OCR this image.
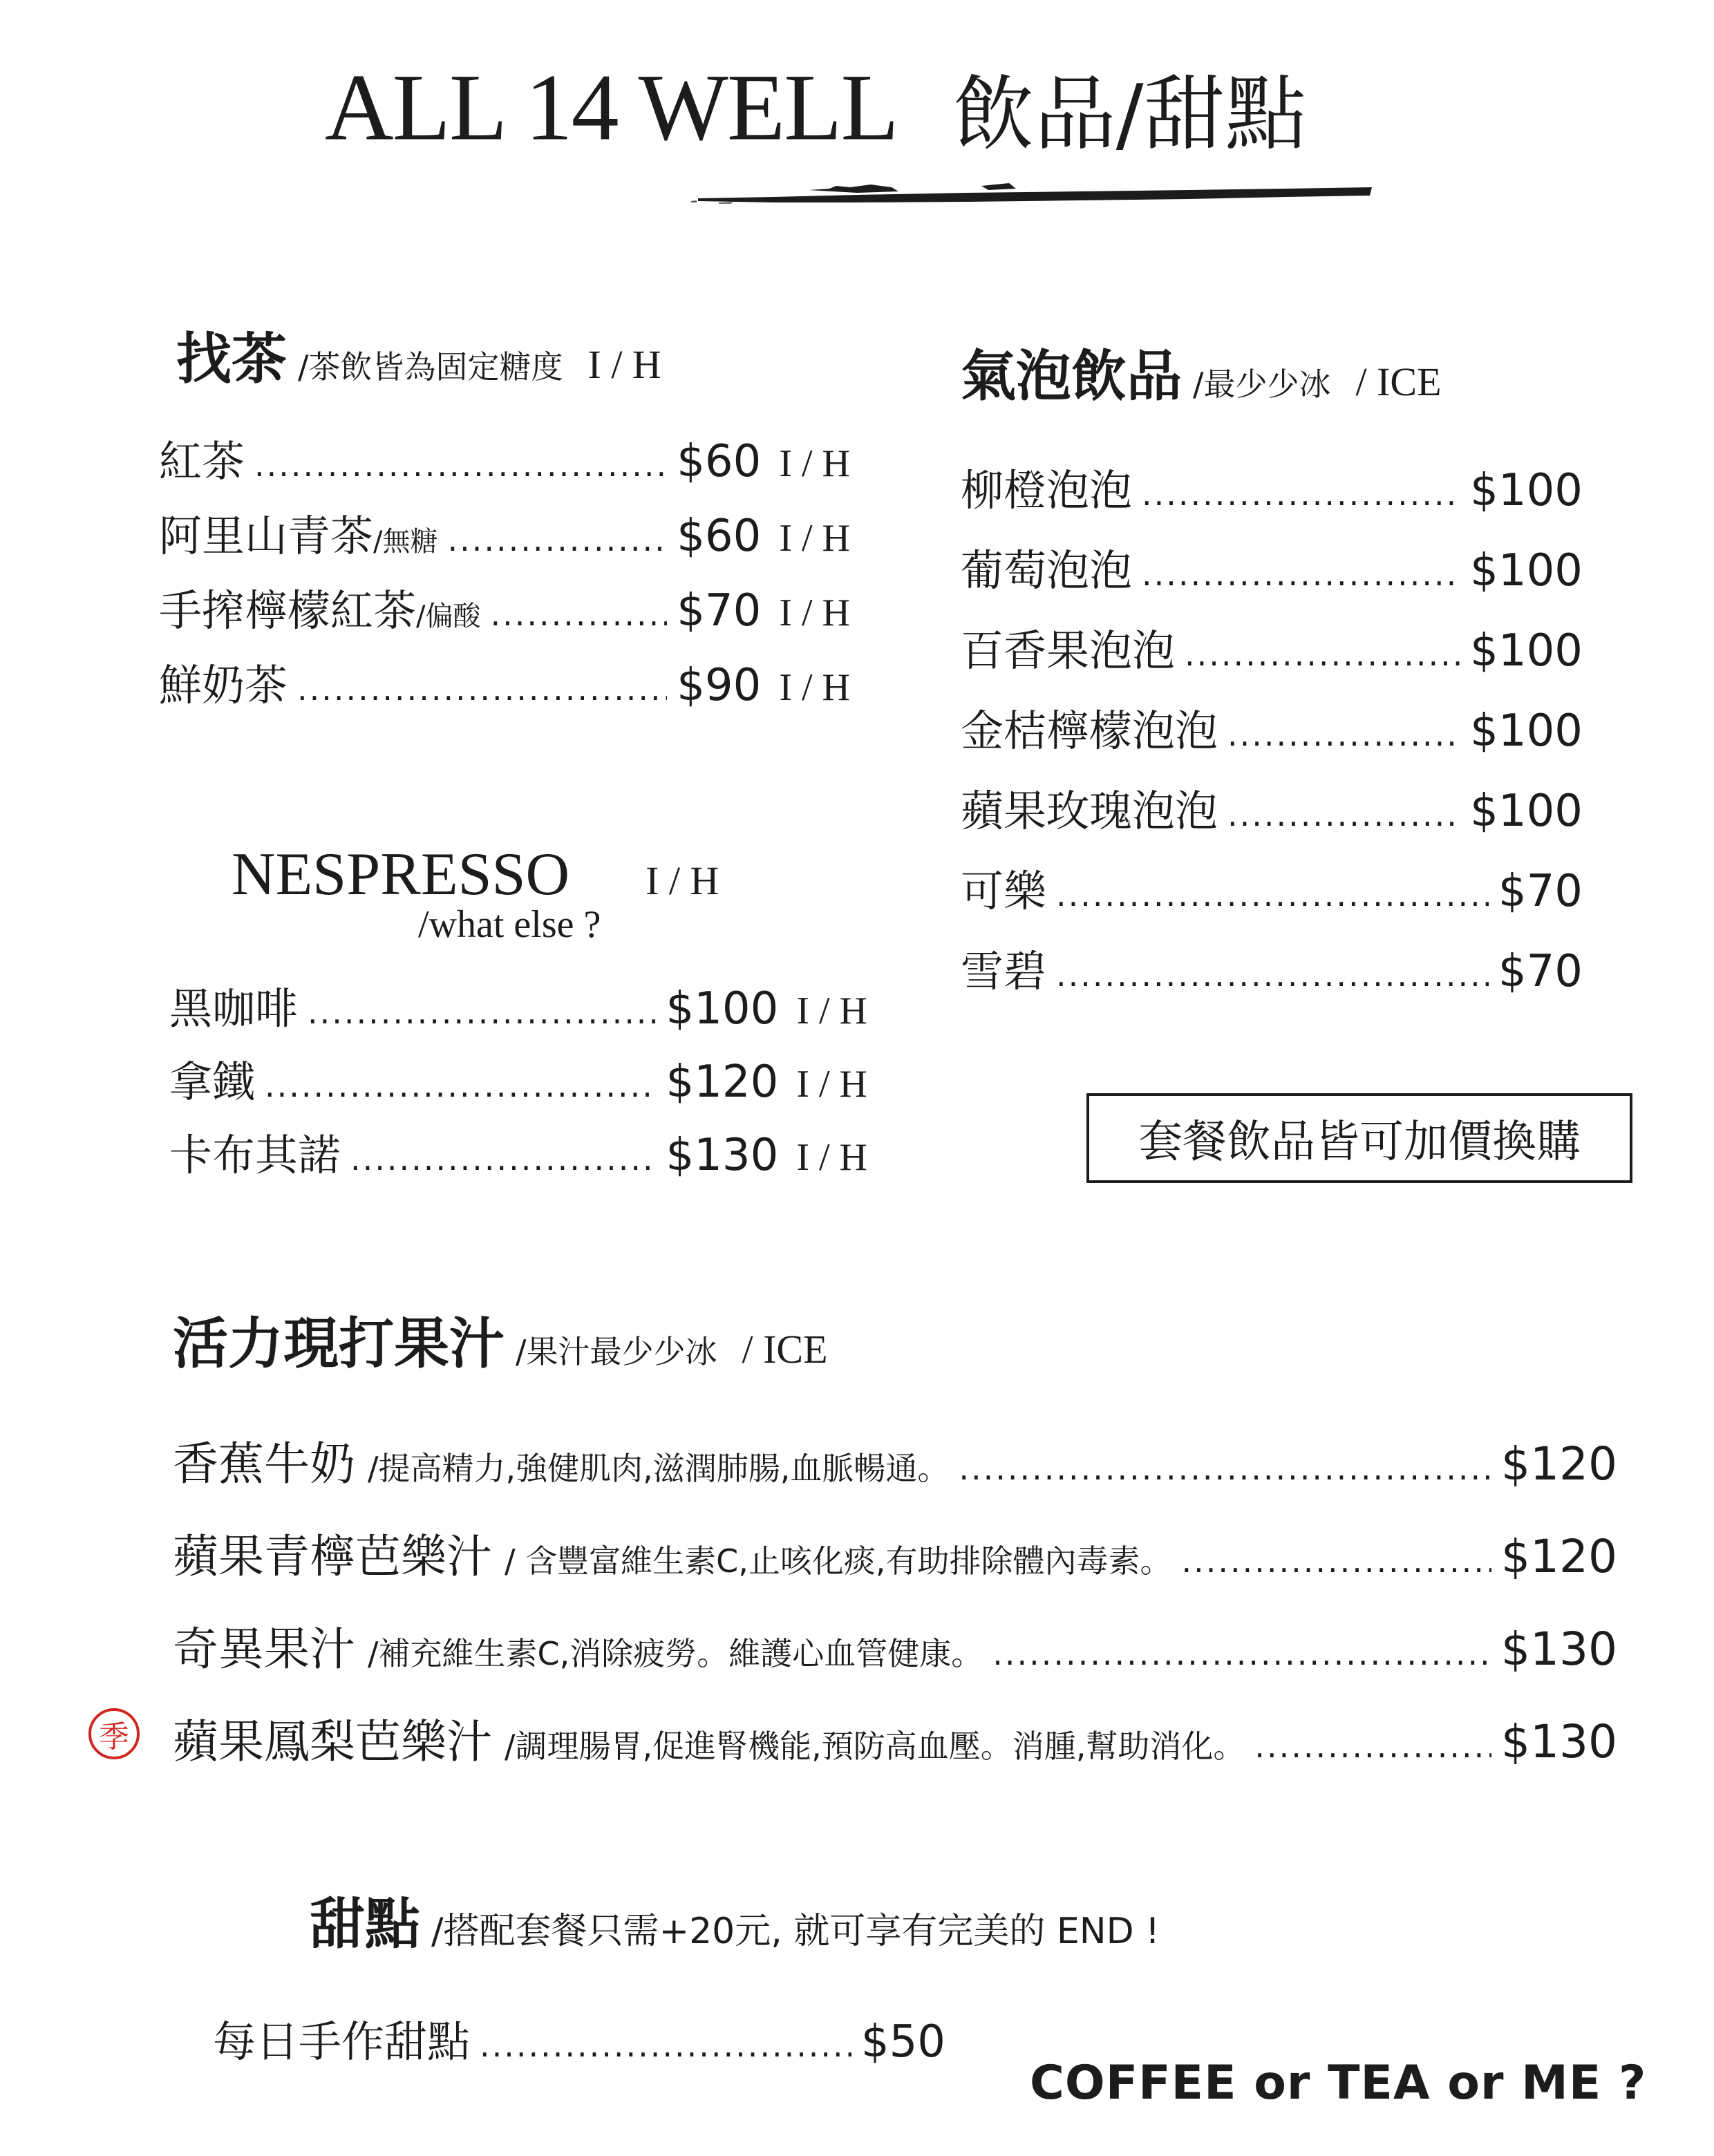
ALL 14 WELL 飲品/甜點
找茶 /茶飲皆為固定糖度 I / H
紅茶 .....	$60 I / H
阿里山青茶 /無糖 .....	$60 I / H
手搾檸檬紅茶 /偏酸 .....	$70 I / H
鮮奶茶 .....	$90 I / H
NESPRESSO I / H
/what else ?
黑咖啡 .....	$100 I / H
拿鐵 .....	$120 I / H
卡布其諾 .....	$130 I / H
氣泡飲品 /最少少冰 / ICE
柳橙泡泡 .....	$100
葡萄泡泡 .....	$100
百香果泡泡 .....	$100
金桔檸檬泡泡 .....	$100
蘋果玫瑰泡泡 .....	$100
可樂 .....	$70
雪碧 .....	$70
套餐飲品皆可加價換購
活力現打果汁 /果汁最少少冰 / ICE
香蕉牛奶 /提高精力,強健肌肉,滋潤肺腸,血脈暢通。 .....	$120
蘋果青檸芭樂汁 / 含豐富維生素C,止咳化痰,有助排除體內毒素。 .....	$120
奇異果汁 /補充維生素C,消除疲勞。維護心血管健康。 .....	$130
蘋果鳳梨芭樂汁 /調理腸胃,促進腎機能,預防高血壓。消腫,幫助消化。 .....	$130
季
甜點 /搭配套餐只需+20元, 就可享有完美的 END !
每日手作甜點 .....	$50
COFFEE or TEA or ME ?
